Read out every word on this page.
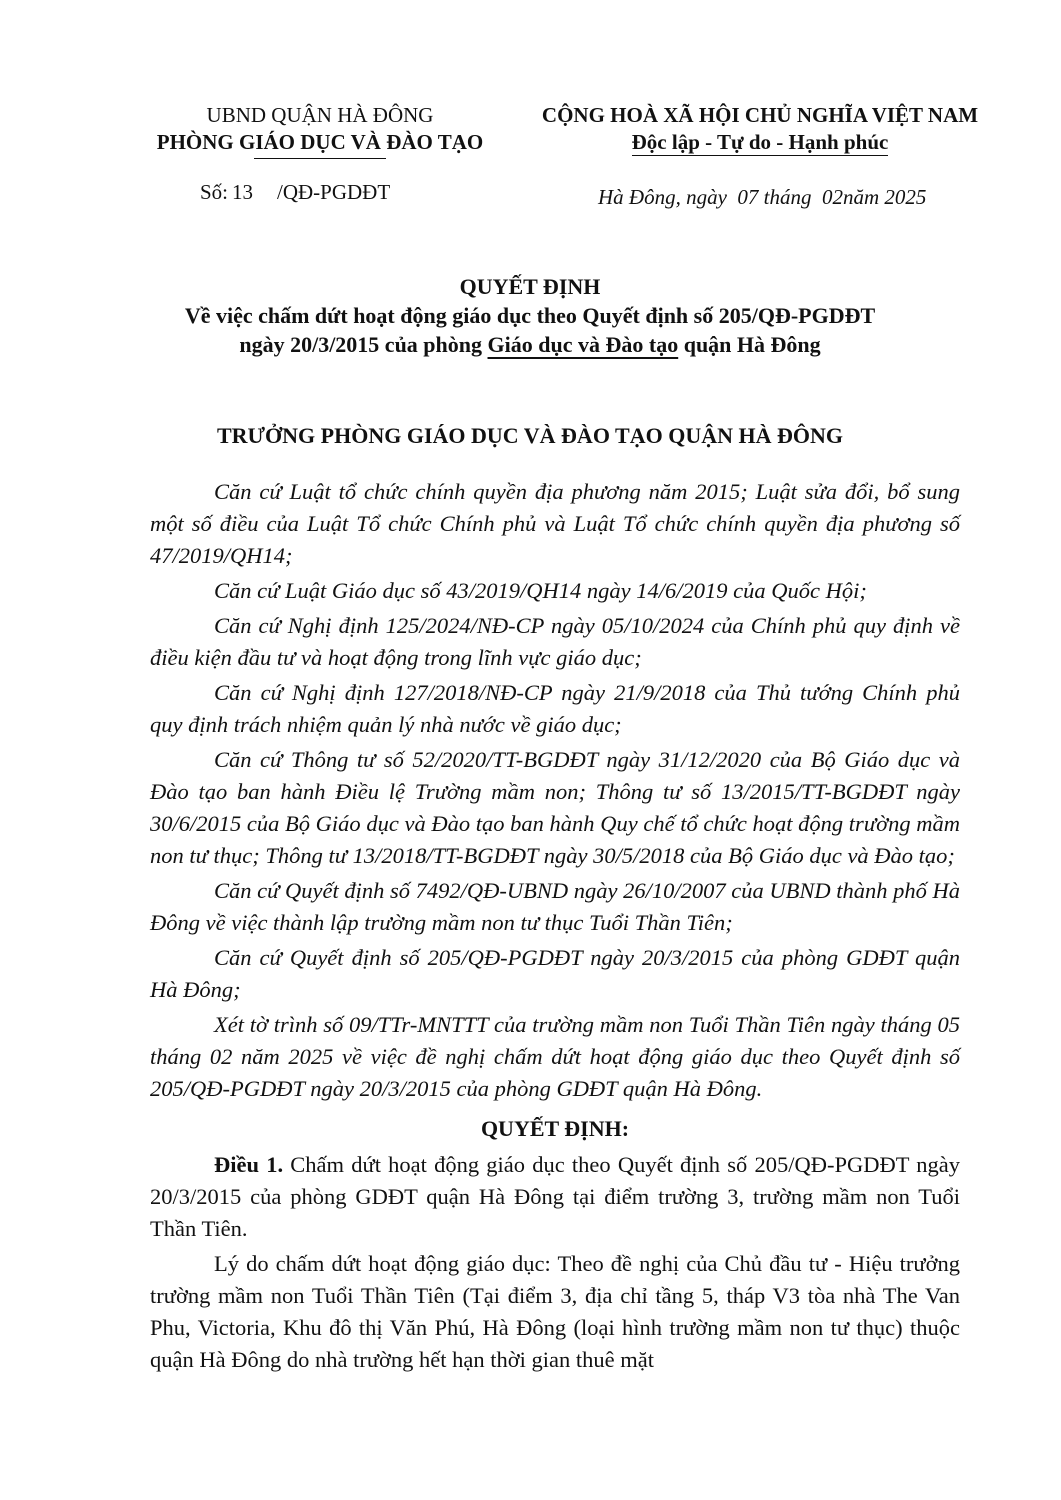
UBND QUẬN HÀ ĐÔNG
PHÒNG GIÁO DỤC VÀ ĐÀO TẠO
CỘNG HOÀ XÃ HỘI CHỦ NGHĨA VIỆT NAM
Độc lập - Tự do - Hạnh phúc
Số: 13 /QĐ-PGDĐT	Hà Đông, ngày  07 tháng  02năm 2025
QUYẾT ĐỊNH
Về việc chấm dứt hoạt động giáo dục theo Quyết định số 205/QĐ-PGDĐT
ngày 20/3/2015 của phòng Giáo dục và Đào tạo quận Hà Đông
TRƯỞNG PHÒNG GIÁO DỤC VÀ ĐÀO TẠO QUẬN HÀ ĐÔNG

Căn cứ Luật tổ chức chính quyền địa phương năm 2015; Luật sửa đổi, bổ sung một số điều của Luật Tổ chức Chính phủ và Luật Tổ chức chính quyền địa phương số 47/2019/QH14;

Căn cứ Luật Giáo dục số 43/2019/QH14 ngày 14/6/2019 của Quốc Hội;

Căn cứ Nghị định 125/2024/NĐ-CP ngày 05/10/2024 của Chính phủ quy định về điều kiện đầu tư và hoạt động trong lĩnh vực giáo dục;

Căn cứ Nghị định 127/2018/NĐ-CP ngày 21/9/2018 của Thủ tướng Chính phủ quy định trách nhiệm quản lý nhà nước về giáo dục;

Căn cứ Thông tư số 52/2020/TT-BGDĐT ngày 31/12/2020 của Bộ Giáo dục và Đào tạo ban hành Điều lệ Trường mầm non; Thông tư số 13/2015/TT-BGDĐT ngày 30/6/2015 của Bộ Giáo dục và Đào tạo ban hành Quy chế tổ chức hoạt động trường mầm non tư thục; Thông tư 13/2018/TT-BGDĐT ngày 30/5/2018 của Bộ Giáo dục và Đào tạo;

Căn cứ Quyết định số 7492/QĐ-UBND ngày 26/10/2007 của UBND thành phố Hà Đông về việc thành lập trường mầm non tư thục Tuổi Thần Tiên;

Căn cứ Quyết định số 205/QĐ-PGDĐT ngày 20/3/2015 của phòng GDĐT quận Hà Đông;

Xét tờ trình số 09/TTr-MNTTT của trường mầm non Tuổi Thần Tiên ngày tháng 05 tháng 02 năm 2025 về việc đề nghị chấm dứt hoạt động giáo dục theo Quyết định số 205/QĐ-PGDĐT ngày 20/3/2015 của phòng GDĐT quận Hà Đông.

QUYẾT ĐỊNH:

Điều 1. Chấm dứt hoạt động giáo dục theo Quyết định số 205/QĐ-PGDĐT ngày 20/3/2015 của phòng GDĐT quận Hà Đông tại điểm trường 3, trường mầm non Tuổi Thần Tiên.

Lý do chấm dứt hoạt động giáo dục: Theo đề nghị của Chủ đầu tư - Hiệu trưởng trường mầm non Tuổi Thần Tiên (Tại điểm 3, địa chỉ tầng 5, tháp V3 tòa nhà The Van Phu, Victoria, Khu đô thị Văn Phú, Hà Đông (loại hình trường mầm non tư thục) thuộc quận Hà Đông do nhà trường hết hạn thời gian thuê mặt
